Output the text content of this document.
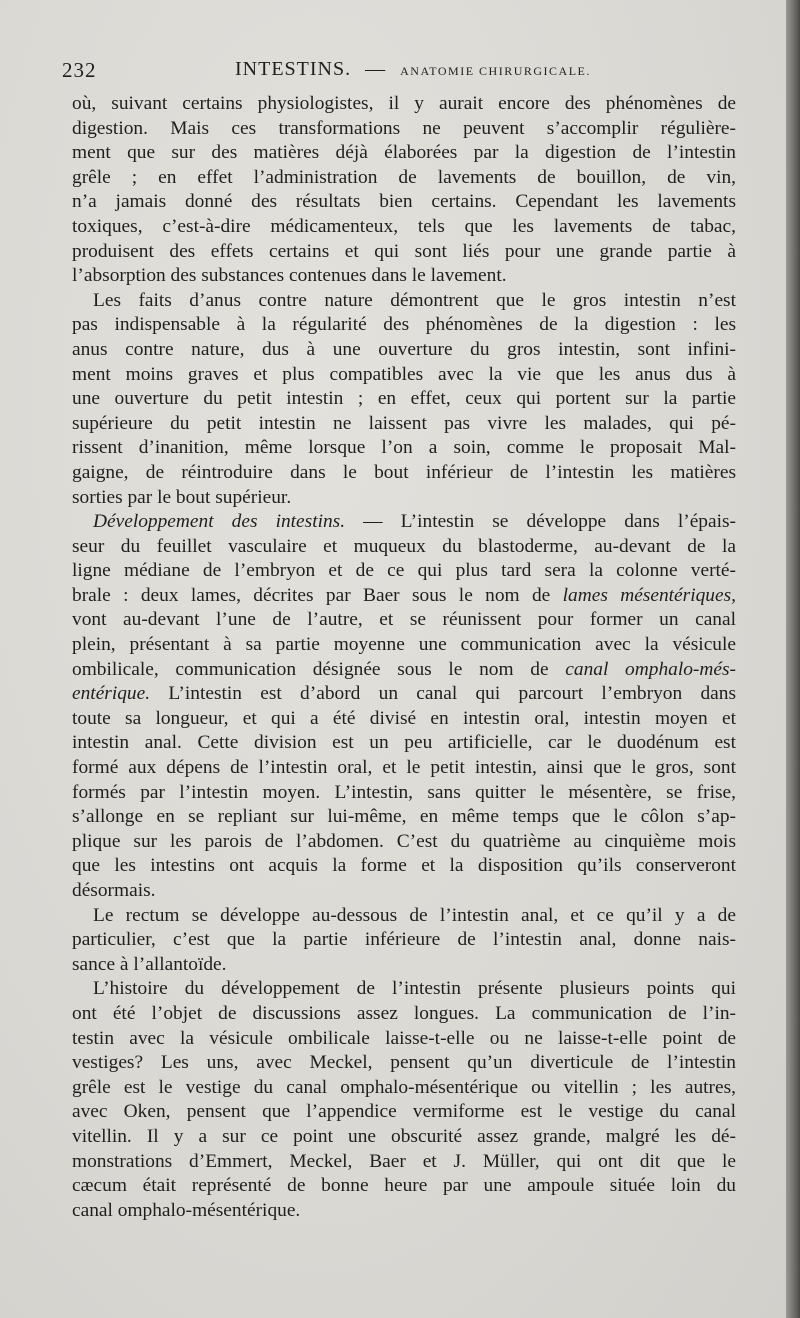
232	INTESTINS. — ANATOMIE CHIRURGICALE.
où, suivant certains physiologistes, il y aurait encore des phénomènes de
digestion. Mais ces transformations ne peuvent s’accomplir régulière-
ment que sur des matières déjà élaborées par la digestion de l’intestin
grêle ; en effet l’administration de lavements de bouillon, de vin,
n’a jamais donné des résultats bien certains. Cependant les lavements
toxiques, c’est-à-dire médicamenteux, tels que les lavements de tabac,
produisent des effets certains et qui sont liés pour une grande partie à
l’absorption des substances contenues dans le lavement.
Les faits d’anus contre nature démontrent que le gros intestin n’est
pas indispensable à la régularité des phénomènes de la digestion : les
anus contre nature, dus à une ouverture du gros intestin, sont infini-
ment moins graves et plus compatibles avec la vie que les anus dus à
une ouverture du petit intestin ; en effet, ceux qui portent sur la partie
supérieure du petit intestin ne laissent pas vivre les malades, qui pé-
rissent d’inanition, même lorsque l’on a soin, comme le proposait Mal-
gaigne, de réintroduire dans le bout inférieur de l’intestin les matières
sorties par le bout supérieur.
Développement des intestins. — L’intestin se développe dans l’épais-
seur du feuillet vasculaire et muqueux du blastoderme, au-devant de la
ligne médiane de l’embryon et de ce qui plus tard sera la colonne verté-
brale : deux lames, décrites par Baer sous le nom de lames mésentériques,
vont au-devant l’une de l’autre, et se réunissent pour former un canal
plein, présentant à sa partie moyenne une communication avec la vésicule
ombilicale, communication désignée sous le nom de canal omphalo-més-
entérique. L’intestin est d’abord un canal qui parcourt l’embryon dans
toute sa longueur, et qui a été divisé en intestin oral, intestin moyen et
intestin anal. Cette division est un peu artificielle, car le duodénum est
formé aux dépens de l’intestin oral, et le petit intestin, ainsi que le gros, sont
formés par l’intestin moyen. L’intestin, sans quitter le mésentère, se frise,
s’allonge en se repliant sur lui-même, en même temps que le côlon s’ap-
plique sur les parois de l’abdomen. C’est du quatrième au cinquième mois
que les intestins ont acquis la forme et la disposition qu’ils conserveront
désormais.
Le rectum se développe au-dessous de l’intestin anal, et ce qu’il y a de
particulier, c’est que la partie inférieure de l’intestin anal, donne nais-
sance à l’allantoïde.
L’histoire du développement de l’intestin présente plusieurs points qui
ont été l’objet de discussions assez longues. La communication de l’in-
testin avec la vésicule ombilicale laisse-t-elle ou ne laisse-t-elle point de
vestiges? Les uns, avec Meckel, pensent qu’un diverticule de l’intestin
grêle est le vestige du canal omphalo-mésentérique ou vitellin ; les autres,
avec Oken, pensent que l’appendice vermiforme est le vestige du canal
vitellin. Il y a sur ce point une obscurité assez grande, malgré les dé-
monstrations d’Emmert, Meckel, Baer et J. Müller, qui ont dit que le
cæcum était représenté de bonne heure par une ampoule située loin du
canal omphalo-mésentérique.
